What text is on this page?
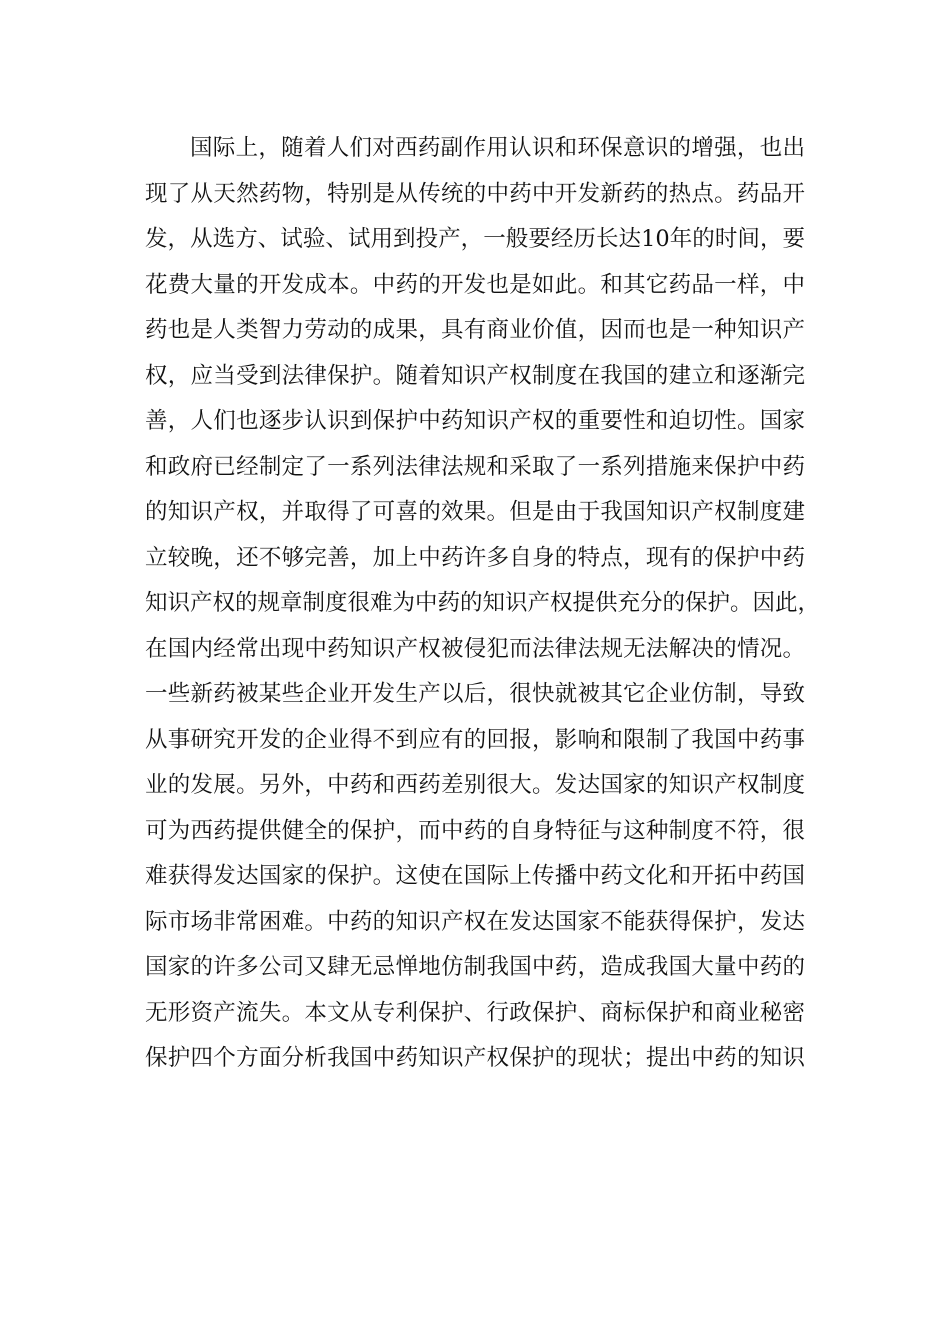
国际上，随着人们对西药副作用认识和环保意识的增强，也出
现了从天然药物，特别是从传统的中药中开发新药的热点。药品开
发，从选方、试验、试用到投产，一般要经历长达10年的时间，要
花费大量的开发成本。中药的开发也是如此。和其它药品一样，中
药也是人类智力劳动的成果，具有商业价值，因而也是一种知识产
权，应当受到法律保护。随着知识产权制度在我国的建立和逐渐完
善，人们也逐步认识到保护中药知识产权的重要性和迫切性。国家
和政府已经制定了一系列法律法规和采取了一系列措施来保护中药
的知识产权，并取得了可喜的效果。但是由于我国知识产权制度建
立较晚，还不够完善，加上中药许多自身的特点，现有的保护中药
知识产权的规章制度很难为中药的知识产权提供充分的保护。因此，
在国内经常出现中药知识产权被侵犯而法律法规无法解决的情况。
一些新药被某些企业开发生产以后，很快就被其它企业仿制，导致
从事研究开发的企业得不到应有的回报，影响和限制了我国中药事
业的发展。另外，中药和西药差别很大。发达国家的知识产权制度
可为西药提供健全的保护，而中药的自身特征与这种制度不符，很
难获得发达国家的保护。这使在国际上传播中药文化和开拓中药国
际市场非常困难。中药的知识产权在发达国家不能获得保护，发达
国家的许多公司又肆无忌惮地仿制我国中药，造成我国大量中药的
无形资产流失。本文从专利保护、行政保护、商标保护和商业秘密
保护四个方面分析我国中药知识产权保护的现状；提出中药的知识
